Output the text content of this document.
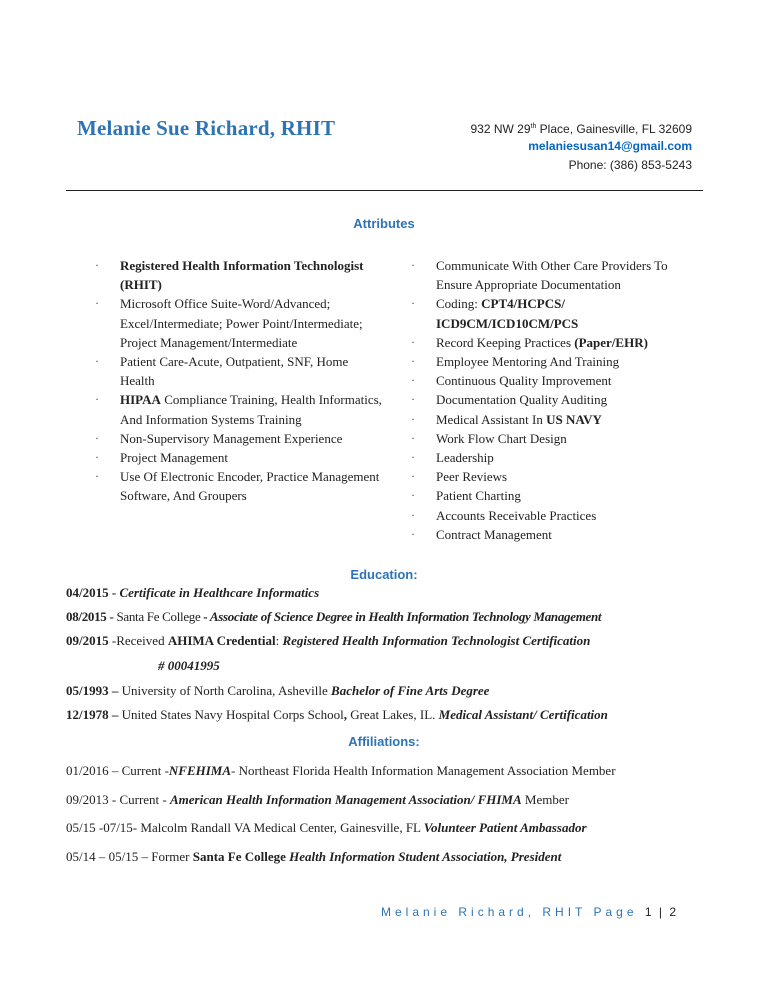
Melanie Sue Richard, RHIT	932 NW 29th Place, Gainesville, FL 32609
melaniesusan14@gmail.com
Phone: (386) 853-5243
Attributes
· Registered Health Information Technologist (RHIT)
· Microsoft Office Suite-Word/Advanced; Excel/Intermediate; Power Point/Intermediate; Project Management/Intermediate
· Patient Care-Acute, Outpatient, SNF, Home Health
· HIPAA Compliance Training, Health Informatics, And Information Systems Training
· Non-Supervisory Management Experience
· Project Management
· Use Of Electronic Encoder, Practice Management Software, And Groupers
· Communicate With Other Care Providers To Ensure Appropriate Documentation
· Coding: CPT4/HCPCS/ ICD9CM/ICD10CM/PCS
· Record Keeping Practices (Paper/EHR)
· Employee Mentoring And Training
· Continuous Quality Improvement
· Documentation Quality Auditing
· Medical Assistant In US NAVY
· Work Flow Chart Design
· Leadership
· Peer Reviews
· Patient Charting
· Accounts Receivable Practices
· Contract Management
Education:
04/2015 - Certificate in Healthcare Informatics
08/2015 - Santa Fe College - Associate of Science Degree in Health Information Technology Management
09/2015 -Received AHIMA Credential: Registered Health Information Technologist Certification
# 00041995
05/1993 – University of North Carolina, Asheville Bachelor of Fine Arts Degree
12/1978 – United States Navy Hospital Corps School, Great Lakes, IL. Medical Assistant/ Certification
Affiliations:
01/2016 – Current -NFEHIMA- Northeast Florida Health Information Management Association Member
09/2013 - Current - American Health Information Management Association/ FHIMA Member
05/15 -07/15- Malcolm Randall VA Medical Center, Gainesville, FL Volunteer Patient Ambassador
05/14 – 05/15 – Former Santa Fe College Health Information Student Association, President
Melanie Richard, RHIT Page 1 | 2
